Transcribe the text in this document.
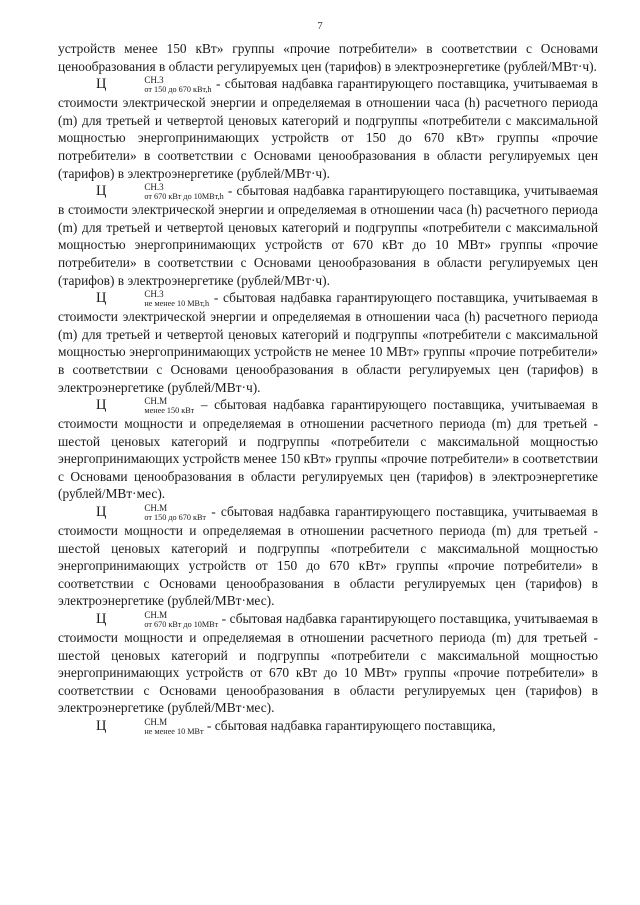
7

устройств менее 150 кВт» группы «прочие потребители» в соответствии с Основами ценообразования в области регулируемых цен (тарифов) в электроэнергетике (рублей/МВт·ч).

Ц	СН.3
от 150 до 670 кВт,h - сбытовая надбавка гарантирующего поставщика, учитываемая в стоимости электрической энергии и определяемая в отношении часа (h) расчетного периода (m) для третьей и четвертой ценовых категорий и подгруппы «потребители с максимальной мощностью энергопринимающих устройств от 150 до 670 кВт» группы «прочие потребители» в соответствии с Основами ценообразования в области регулируемых цен (тарифов) в электроэнергетике (рублей/МВт·ч).

Ц	СН.3
от 670 кВт до 10МВт,h - сбытовая надбавка гарантирующего поставщика, учитываемая в стоимости электрической энергии и определяемая в отношении часа (h) расчетного периода (m) для третьей и четвертой ценовых категорий и подгруппы «потребители с максимальной мощностью энергопринимающих устройств от 670 кВт до 10 МВт» группы «прочие потребители» в соответствии с Основами ценообразования в области регулируемых цен (тарифов) в электроэнергетике (рублей/МВт·ч).

Ц	СН.3
не менее 10 МВт,h - сбытовая надбавка гарантирующего поставщика, учитываемая в стоимости электрической энергии и определяемая в отношении часа (h) расчетного периода (m) для третьей и четвертой ценовых категорий и подгруппы «потребители с максимальной мощностью энергопринимающих устройств не менее 10 МВт» группы «прочие потребители» в соответствии с Основами ценообразования в области регулируемых цен (тарифов) в электроэнергетике (рублей/МВт·ч).

Ц	СН.М
менее 150 кВт – сбытовая надбавка гарантирующего поставщика, учитываемая в стоимости мощности и определяемая в отношении расчетного периода (m) для третьей - шестой ценовых категорий и подгруппы «потребители с максимальной мощностью энергопринимающих устройств менее 150 кВт» группы «прочие потребители» в соответствии с Основами ценообразования в области регулируемых цен (тарифов) в электроэнергетике (рублей/МВт·мес).

Ц	СН.М
от 150 до 670 кВт - сбытовая надбавка гарантирующего поставщика, учитываемая в стоимости мощности и определяемая в отношении расчетного периода (m) для третьей - шестой ценовых категорий и подгруппы «потребители с максимальной мощностью энергопринимающих устройств от 150 до 670 кВт» группы «прочие потребители» в соответствии с Основами ценообразования в области регулируемых цен (тарифов) в электроэнергетике (рублей/МВт·мес).

Ц	СН.М
от 670 кВт до 10МВт - сбытовая надбавка гарантирующего поставщика, учитываемая в стоимости мощности и определяемая в отношении расчетного периода (m) для третьей - шестой ценовых категорий и подгруппы «потребители с максимальной мощностью энергопринимающих устройств от 670 кВт до 10 МВт» группы «прочие потребители» в соответствии с Основами ценообразования в области регулируемых цен (тарифов) в электроэнергетике (рублей/МВт·мес).

Ц	СН.М
не менее 10 МВт - сбытовая надбавка гарантирующего поставщика,
